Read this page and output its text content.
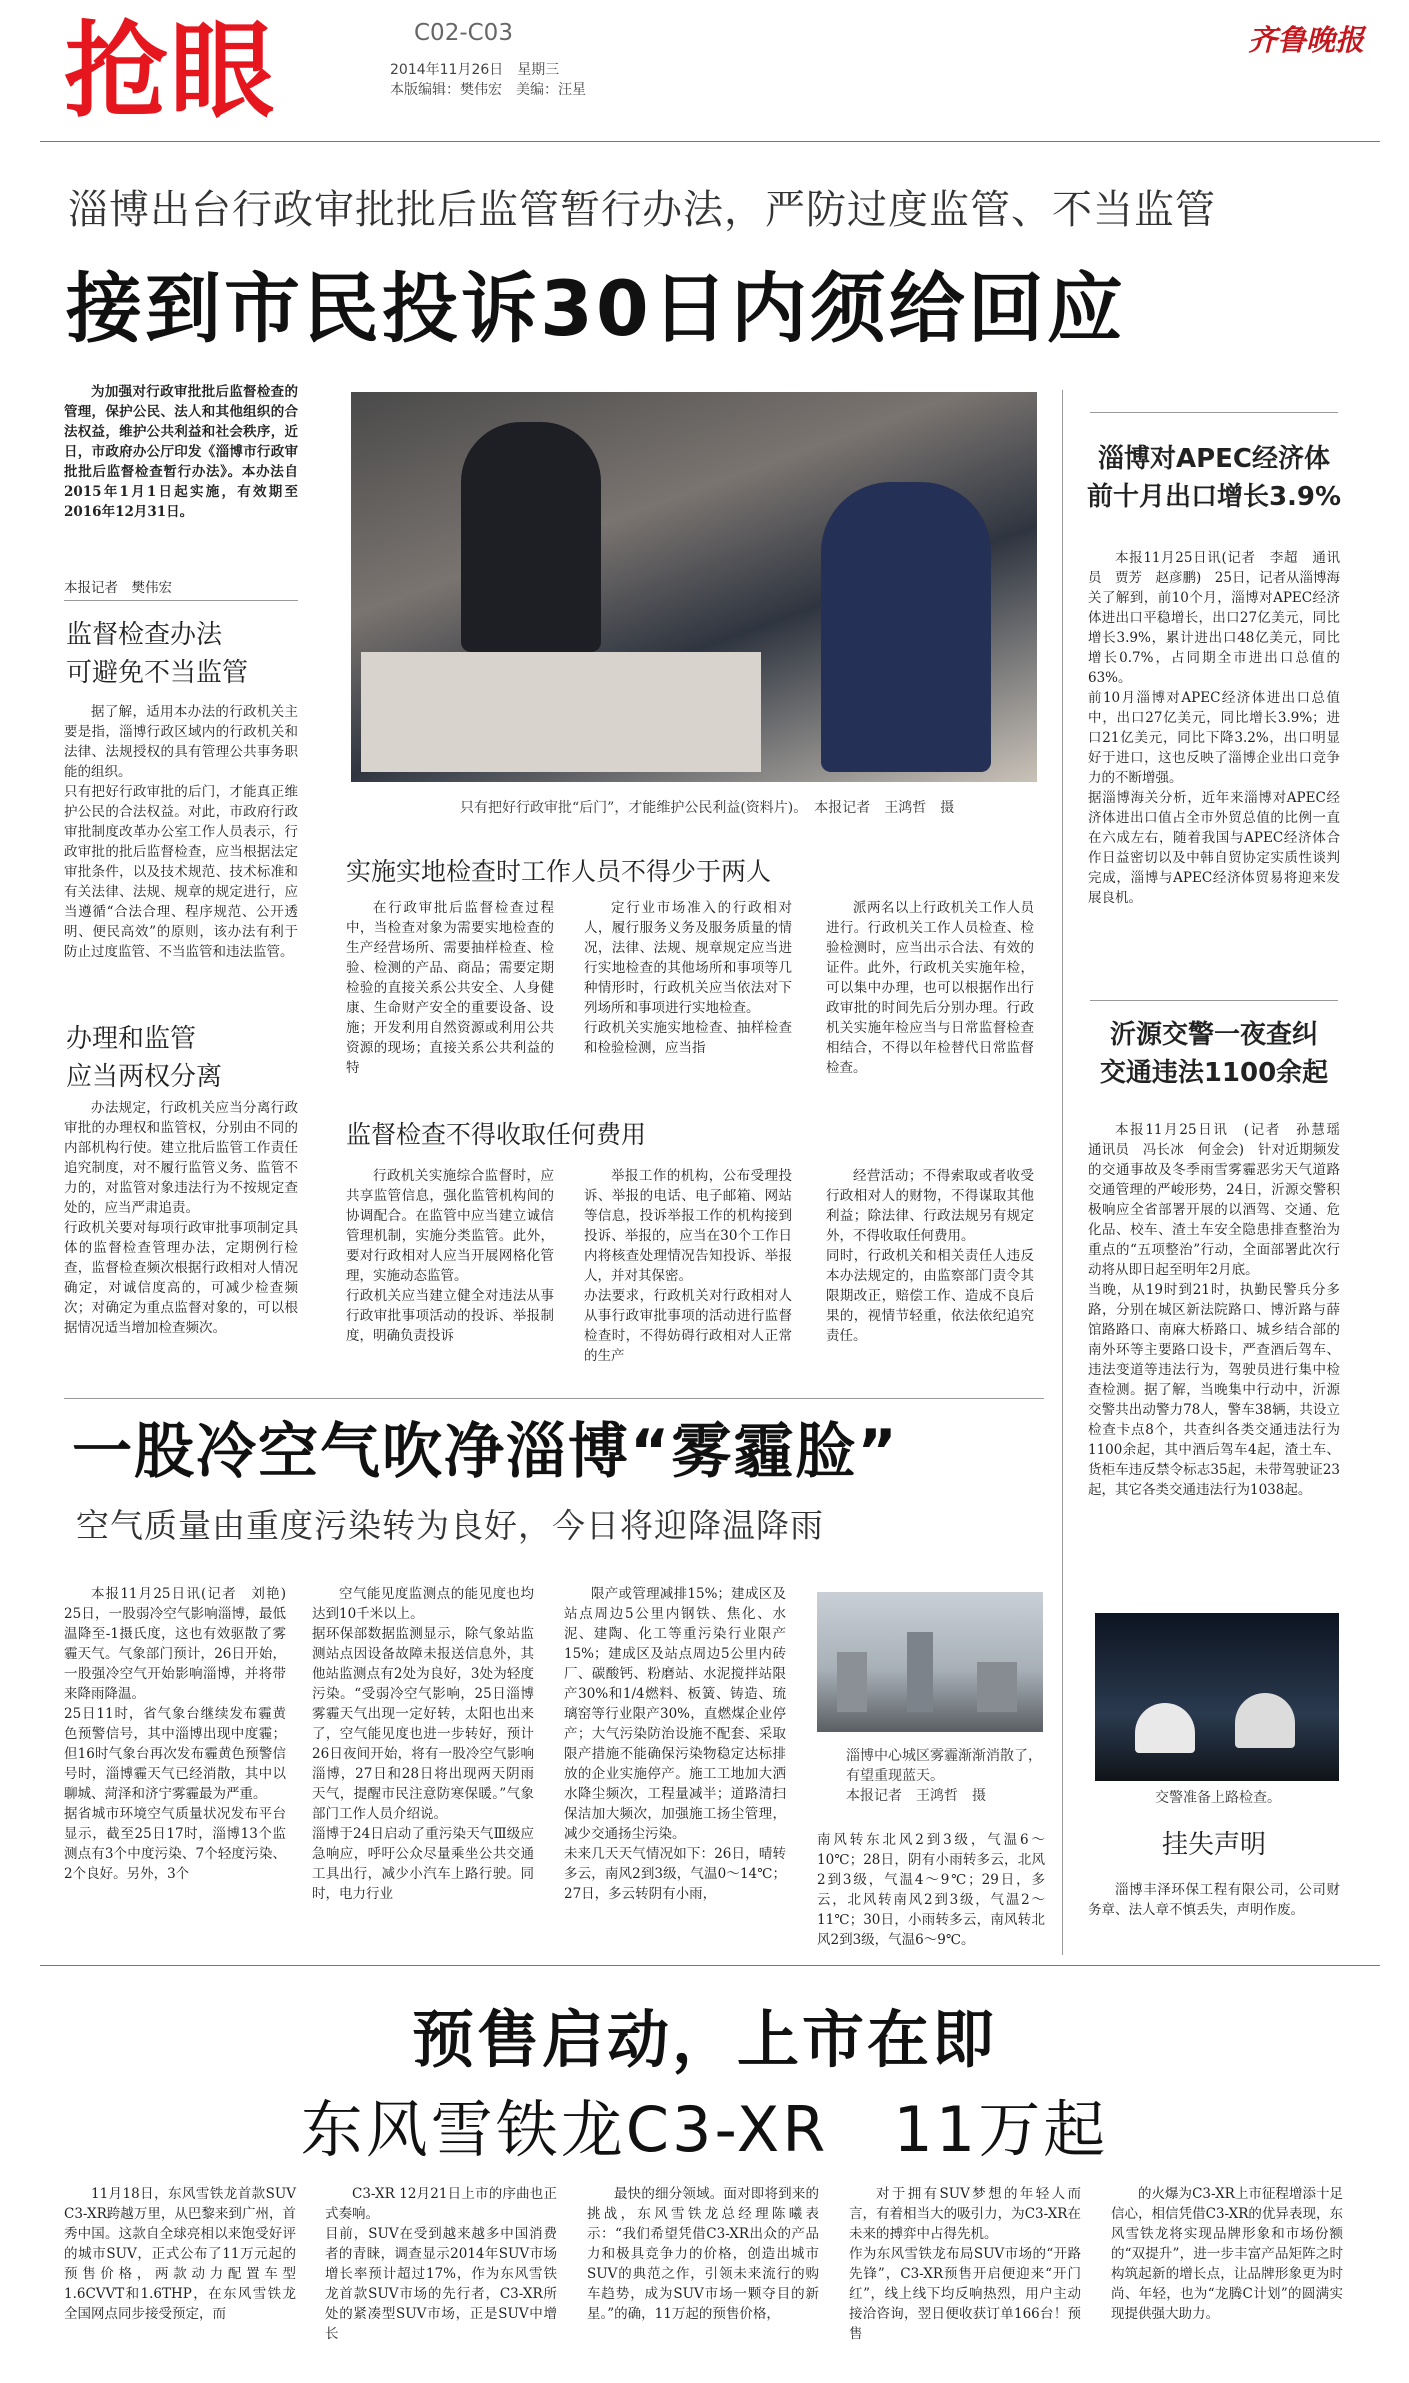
抢眼	C02-C03
2014年11月26日　星期三
本版编辑：樊伟宏　美编：汪星
齐鲁晚报
淄博出台行政审批批后监管暂行办法，严防过度监管、不当监管
接到市民投诉30日内须给回应

为加强对行政审批批后监督检查的管理，保护公民、法人和其他组织的合法权益，维护公共利益和社会秩序，近日，市政府办公厅印发《淄博市行政审批批后监督检查暂行办法》。本办法自2015年1月1日起实施，有效期至2016年12月31日。

本报记者　樊伟宏
监督检查办法
可避免不当监管
据了解，适用本办法的行政机关主要是指，淄博行政区域内的行政机关和法律、法规授权的具有管理公共事务职能的组织。
只有把好行政审批的后门，才能真正维护公民的合法权益。对此，市政府行政审批制度改革办公室工作人员表示，行政审批的批后监督检查，应当根据法定审批条件，以及技术规范、技术标准和有关法律、法规、规章的规定进行，应当遵循“合法合理、程序规范、公开透明、便民高效”的原则，该办法有利于防止过度监管、不当监管和违法监管。
办理和监管
应当两权分离
办法规定，行政机关应当分离行政审批的办理权和监管权，分别由不同的内部机构行使。建立批后监管工作责任追究制度，对不履行监管义务、监管不力的，对监管对象违法行为不按规定查处的，应当严肃追责。
行政机关要对每项行政审批事项制定具体的监督检查管理办法，定期例行检查，监督检查频次根据行政相对人情况确定，对诚信度高的，可减少检查频次；对确定为重点监督对象的，可以根据情况适当增加检查频次。
只有把好行政审批“后门”，才能维护公民利益(资料片)。　本报记者　王鸿哲　摄
实施实地检查时工作人员不得少于两人
在行政审批后监督检查过程中，当检查对象为需要实地检查的生产经营场所、需要抽样检查、检验、检测的产品、商品；需要定期检验的直接关系公共安全、人身健康、生命财产安全的重要设备、设施；开发利用自然资源或利用公共资源的现场；直接关系公共利益的特
定行业市场准入的行政相对人，履行服务义务及服务质量的情况，法律、法规、规章规定应当进行实地检查的其他场所和事项等几种情形时，行政机关应当依法对下列场所和事项进行实地检查。
行政机关实施实地检查、抽样检查和检验检测，应当指
派两名以上行政机关工作人员进行。行政机关工作人员检查、检验检测时，应当出示合法、有效的证件。此外，行政机关实施年检，可以集中办理，也可以根据作出行政审批的时间先后分别办理。行政机关实施年检应当与日常监督检查相结合，不得以年检替代日常监督检查。
监督检查不得收取任何费用
行政机关实施综合监督时，应共享监管信息，强化监管机构间的协调配合。在监管中应当建立诚信管理机制，实施分类监管。此外，要对行政相对人应当开展网格化管理，实施动态监管。
行政机关应当建立健全对违法从事行政审批事项活动的投诉、举报制度，明确负责投诉
举报工作的机构，公布受理投诉、举报的电话、电子邮箱、网站等信息，投诉举报工作的机构接到投诉、举报的，应当在30个工作日内将核查处理情况告知投诉、举报人，并对其保密。
办法要求，行政机关对行政相对人从事行政审批事项的活动进行监督检查时，不得妨碍行政相对人正常的生产
经营活动；不得索取或者收受行政相对人的财物，不得谋取其他利益；除法律、行政法规另有规定外，不得收取任何费用。
同时，行政机关和相关责任人违反本办法规定的，由监察部门责令其限期改正，赔偿工作、造成不良后果的，视情节轻重，依法依纪追究责任。
淄博对APEC经济体
前十月出口增长3.9%
本报11月25日讯(记者　李超　通讯员　贾芳　赵彦鹏)　25日，记者从淄博海关了解到，前10个月，淄博对APEC经济体进出口平稳增长，出口27亿美元，同比增长3.9%，累计进出口48亿美元，同比增长0.7%，占同期全市进出口总值的63%。
前10月淄博对APEC经济体进出口总值中，出口27亿美元，同比增长3.9%；进口21亿美元，同比下降3.2%，出口明显好于进口，这也反映了淄博企业出口竞争力的不断增强。
据淄博海关分析，近年来淄博对APEC经济体进出口值占全市外贸总值的比例一直在六成左右，随着我国与APEC经济体合作日益密切以及中韩自贸协定实质性谈判完成，淄博与APEC经济体贸易将迎来发展良机。
沂源交警一夜查纠
交通违法1100余起
本报11月25日讯　(记者　孙慧瑶　通讯员　冯长冰　何金会)　针对近期频发的交通事故及冬季雨雪雾霾恶劣天气道路交通管理的严峻形势，24日，沂源交警积极响应全省部署开展的以酒驾、交通、危化品、校车、渣土车安全隐患排查整治为重点的“五项整治”行动，全面部署此次行动将从即日起至明年2月底。
当晚，从19时到21时，执勤民警兵分多路，分别在城区新法院路口、博沂路与薛馆路路口、南麻大桥路口、城乡结合部的南外环等主要路口设卡，严查酒后驾车、违法变道等违法行为，驾驶员进行集中检查检测。据了解，当晚集中行动中，沂源交警共出动警力78人，警车38辆，共设立检查卡点8个，共查纠各类交通违法行为1100余起，其中酒后驾车4起，渣土车、货柜车违反禁令标志35起，未带驾驶证23起，其它各类交通违法行为1038起。
交警准备上路检查。
挂失声明
淄博丰泽环保工程有限公司，公司财务章、法人章不慎丢失，声明作废。
一股冷空气吹净淄博“雾霾脸”
空气质量由重度污染转为良好，今日将迎降温降雨
本报11月25日讯(记者　刘艳)　25日，一股弱冷空气影响淄博，最低温降至-1摄氏度，这也有效驱散了雾霾天气。气象部门预计，26日开始，一股强冷空气开始影响淄博，并将带来降雨降温。
25日11时，省气象台继续发布霾黄色预警信号，其中淄博出现中度霾；但16时气象台再次发布霾黄色预警信号时，淄博霾天气已经消散，其中以聊城、菏泽和济宁雾霾最为严重。
据省城市环境空气质量状况发布平台显示，截至25日17时，淄博13个监测点有3个中度污染、7个轻度污染、2个良好。另外，3个
空气能见度监测点的能见度也均达到10千米以上。
据环保部数据监测显示，除气象站监测站点因设备故障未报送信息外，其他站监测点有2处为良好，3处为轻度污染。“受弱冷空气影响，25日淄博雾霾天气出现一定好转，太阳也出来了，空气能见度也进一步转好，预计26日夜间开始，将有一股冷空气影响淄博，27日和28日将出现两天阴雨天气，提醒市民注意防寒保暖。”气象部门工作人员介绍说。
淄博于24日启动了重污染天气Ⅲ级应急响应，呼吁公众尽量乘坐公共交通工具出行，减少小汽车上路行驶。同时，电力行业
限产或管理减排15%；建成区及站点周边5公里内钢铁、焦化、水泥、建陶、化工等重污染行业限产15%；建成区及站点周边5公里内砖厂、碳酸钙、粉磨站、水泥搅拌站限产30%和1/4燃料、板簧、铸造、琉璃窑等行业限产30%，直燃煤企业停产；大气污染防治设施不配套、采取限产措施不能确保污染物稳定达标排放的企业实施停产。施工工地加大洒水降尘频次，工程量减半；道路清扫保洁加大频次，加强施工扬尘管理，减少交通扬尘污染。
未来几天天气情况如下：26日，晴转多云，南风2到3级，气温0～14℃；27日，多云转阴有小雨，
淄博中心城区雾霾渐渐消散了，有望重现蓝天。
本报记者　王鸿哲　摄
南风转东北风2到3级，气温6～10℃；28日，阴有小雨转多云，北风2到3级，气温4～9℃；29日，多云，北风转南风2到3级，气温2～11℃；30日，小雨转多云，南风转北风2到3级，气温6～9℃。
预售启动，上市在即
东风雪铁龙C3-XR　11万起
11月18日，东风雪铁龙首款SUV C3-XR跨越万里，从巴黎来到广州，首秀中国。这款自全球亮相以来饱受好评的城市SUV，正式公布了11万元起的预售价格，两款动力配置车型1.6CVVT和1.6THP，在东风雪铁龙全国网点同步接受预定，而
C3-XR 12月21日上市的序曲也正式奏响。
目前，SUV在受到越来越多中国消费者的青睐，调查显示2014年SUV市场增长率预计超过17%，作为东风雪铁龙首款SUV市场的先行者，C3-XR所处的紧凑型SUV市场，正是SUV中增长
最快的细分领域。面对即将到来的挑战，东风雪铁龙总经理陈曦表示：“我们希望凭借C3-XR出众的产品力和极具竞争力的价格，创造出城市SUV的典范之作，引领未来流行的购车趋势，成为SUV市场一颗夺目的新星。”的确，11万起的预售价格，
对于拥有SUV梦想的年轻人而言，有着相当大的吸引力，为C3-XR在未来的搏弈中占得先机。
作为东风雪铁龙布局SUV市场的“开路先锋”，C3-XR预售开启便迎来“开门红”，线上线下均反响热烈，用户主动接洽咨询，翌日便收获订单166台！预售
的火爆为C3-XR上市征程增添十足信心，相信凭借C3-XR的优异表现，东风雪铁龙将实现品牌形象和市场份额的“双提升”，进一步丰富产品矩阵之时构筑起新的增长点，让品牌形象更为时尚、年轻，也为“龙腾C计划”的圆满实现提供强大助力。
